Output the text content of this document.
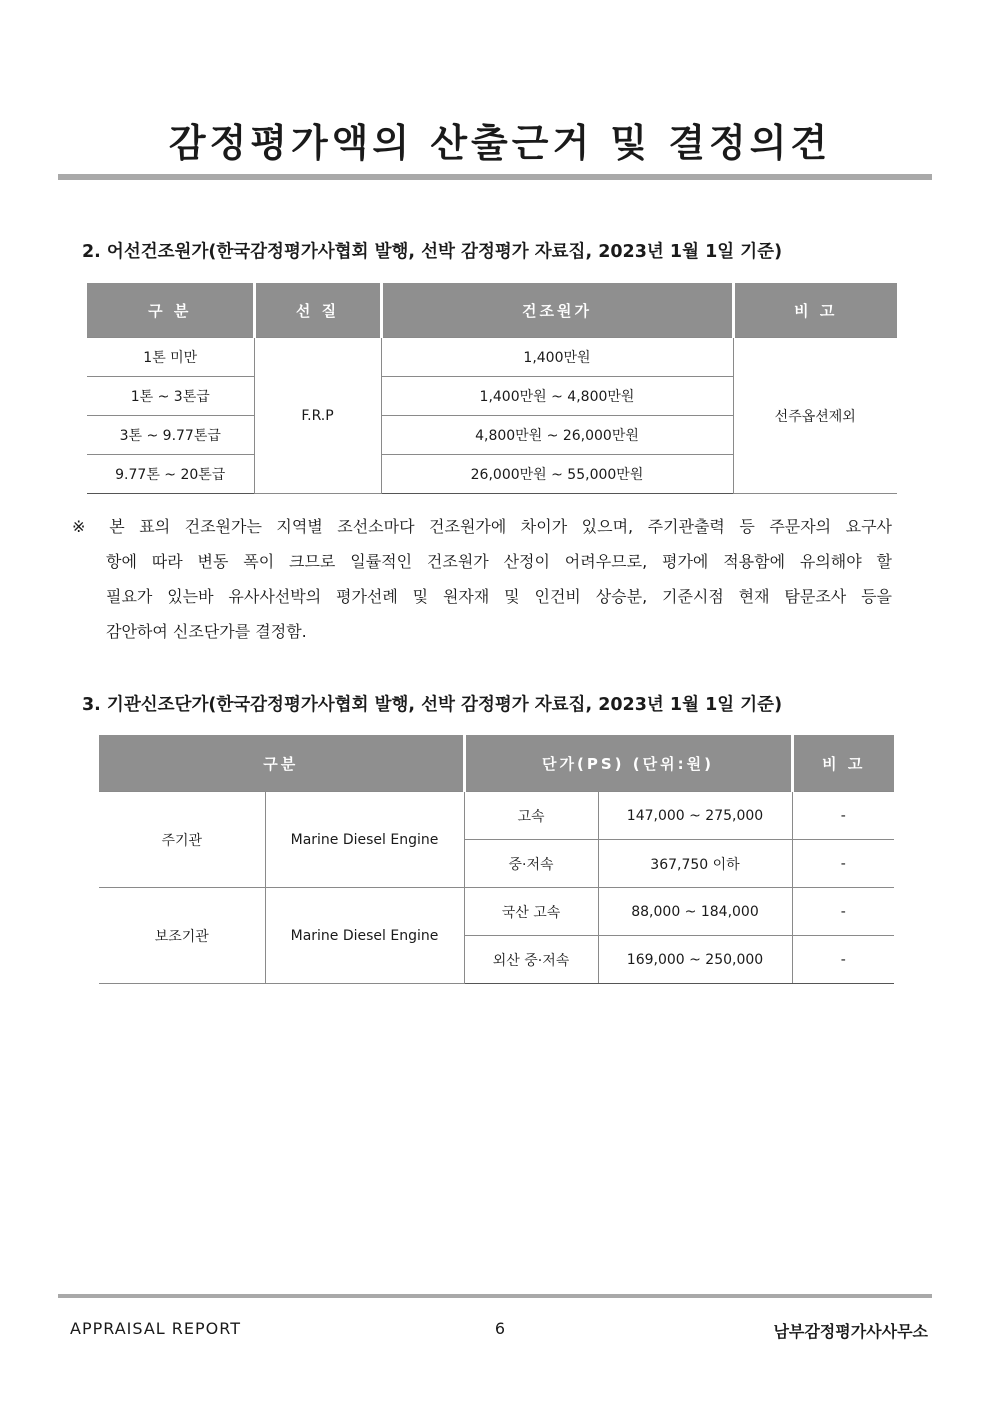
감정평가액의 산출근거 및 결정의견
2. 어선건조원가(한국감정평가사협회 발행, 선박 감정평가 자료집, 2023년 1월 1일 기준)
구 분	선 질	건조원가	비 고
1톤 미만	F.R.P	1,400만원	선주옵션제외
1톤 ~ 3톤급		1,400만원 ~ 4,800만원	
3톤 ~ 9.77톤급		4,800만원 ~ 26,000만원	
9.77톤 ~ 20톤급		26,000만원 ~ 55,000만원	
※ 본 표의 건조원가는 지역별 조선소마다 건조원가에 차이가 있으며, 주기관출력 등 주문자의 요구사
항에 따라 변동 폭이 크므로 일률적인 건조원가 산정이 어려우므로, 평가에 적용함에 유의해야 할
필요가 있는바 유사사선박의 평가선례 및 원자재 및 인건비 상승분, 기준시점 현재 탐문조사 등을
감안하여 신조단가를 결정함.
3. 기관신조단가(한국감정평가사협회 발행, 선박 감정평가 자료집, 2023년 1월 1일 기준)
구분		단가(PS) (단위:원)		비 고
주기관	Marine Diesel Engine	고속	147,000 ~ 275,000	-
		중·저속	367,750 이하	-
보조기관	Marine Diesel Engine	국산 고속	88,000 ~ 184,000	-
		외산 중·저속	169,000 ~ 250,000	-
APPRAISAL REPORT	6	남부감정평가사사무소
